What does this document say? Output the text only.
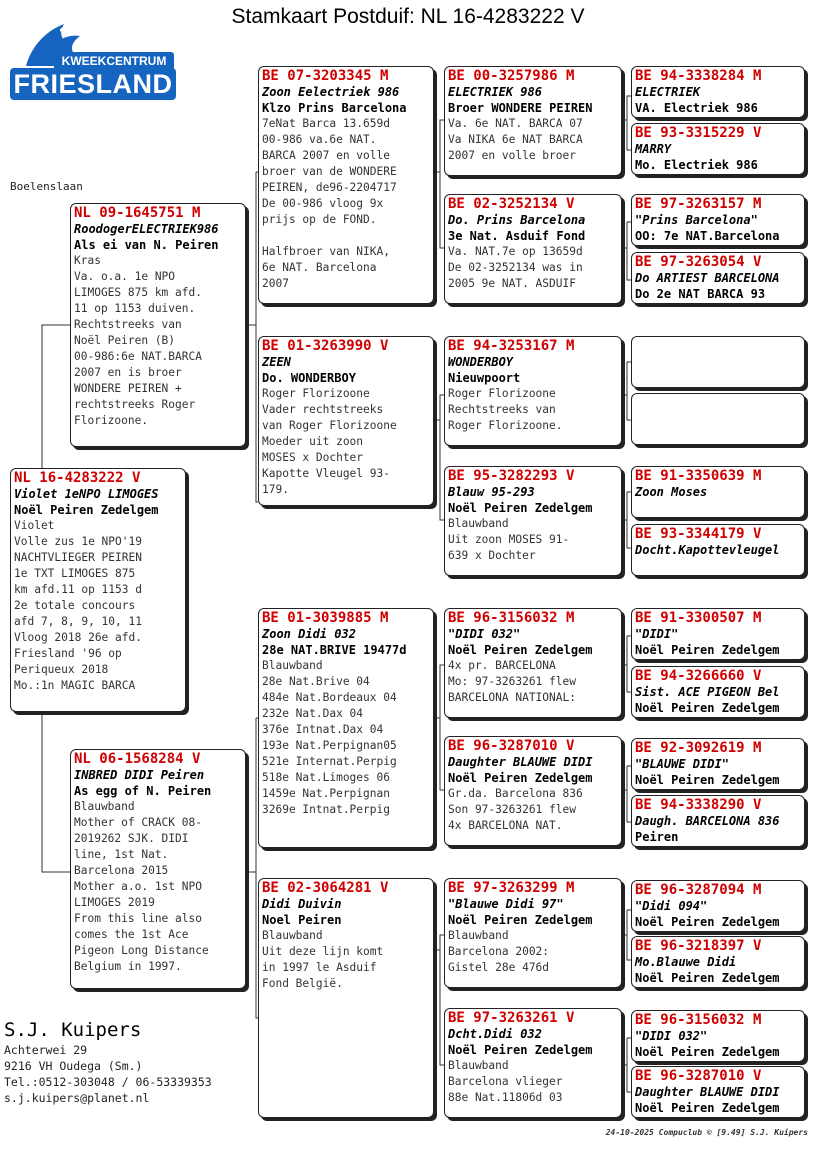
Stamkaart Postduif: NL 16-4283222 V
KWEEKCENTRUM
FRIESLAND
Boelenslaan
NL 16-4283222 V
Violet 1eNPO LIMOGES
Noël Peiren Zedelgem
Violet
Volle zus 1e NPO'19
NACHTVLIEGER PEIREN
1e TXT LIMOGES 875
km afd.11 op 1153 d
2e totale concours
afd 7, 8, 9, 10, 11
Vloog 2018 26e afd.
Friesland '96 op
Periqueux 2018
Mo.:1n MAGIC BARCA
NL 09-1645751 M
RoodogerELECTRIEK986
Als ei van N. Peiren
Kras
Va. o.a. 1e NPO
LIMOGES 875 km afd.
11 op 1153 duiven.
Rechtstreeks van
Noël Peiren (B)
00-986:6e NAT.BARCA
2007 en is broer
WONDERE PEIREN +
rechtstreeks Roger
Florizoone.
NL 06-1568284 V
INBRED DIDI Peiren
As egg of N. Peiren
Blauwband
Mother of CRACK 08-
2019262 SJK. DIDI
line, 1st Nat.
Barcelona 2015
Mother a.o. 1st NPO
LIMOGES 2019
From this line also
comes the 1st Ace
Pigeon Long Distance
Belgium in 1997.
BE 07-3203345 M
Zoon Eelectriek 986
Klzo Prins Barcelona
7eNat Barca 13.659d
00-986 va.6e NAT.
BARCA 2007 en volle
broer van de WONDERE
PEIREN, de96-2204717
De 00-986 vloog 9x
prijs op de FOND.

Halfbroer van NIKA,
6e NAT. Barcelona
2007
BE 01-3263990 V
ZEEN
Do. WONDERBOY
Roger Florizoone
Vader rechtstreeks
van Roger Florizoone
Moeder uit zoon
MOSES x Dochter
Kapotte Vleugel 93-
179.
BE 01-3039885 M
Zoon Didi 032
28e NAT.BRIVE 19477d
Blauwband
28e Nat.Brive 04
484e Nat.Bordeaux 04
232e Nat.Dax 04
376e Intnat.Dax 04
193e Nat.Perpignan05
521e Internat.Perpig
518e Nat.Limoges 06
1459e Nat.Perpignan
3269e Intnat.Perpig
BE 02-3064281 V
Didi Duivin
Noel Peiren
Blauwband
Uit deze lijn komt
in 1997 le Asduif
Fond België.
BE 00-3257986 M
ELECTRIEK 986
Broer WONDERE PEIREN
Va. 6e NAT. BARCA 07
Va NIKA 6e NAT BARCA
2007 en volle broer
BE 02-3252134 V
Do. Prins Barcelona
3e Nat. Asduif Fond
Va. NAT.7e op 13659d
De 02-3252134 was in
2005 9e NAT. ASDUIF
BE 94-3253167 M
WONDERBOY
Nieuwpoort
Roger Florizoone
Rechtstreeks van
Roger Florizoone.
BE 95-3282293 V
Blauw 95-293
Noël Peiren Zedelgem
Blauwband
Uit zoon MOSES 91-
639 x Dochter
BE 96-3156032 M
"DIDI 032"
Noël Peiren Zedelgem
4x pr. BARCELONA
Mo: 97-3263261 flew
BARCELONA NATIONAL:
BE 96-3287010 V
Daughter BLAUWE DIDI
Noël Peiren Zedelgem
Gr.da. Barcelona 836
Son 97-3263261 flew
4x BARCELONA NAT.
BE 97-3263299 M
"Blauwe Didi 97"
Noël Peiren Zedelgem
Blauwband
Barcelona 2002:
Gistel 28e 476d
BE 97-3263261 V
Dcht.Didi 032
Noël Peiren Zedelgem
Blauwband
Barcelona vlieger
88e Nat.11806d 03
BE 94-3338284 M
ELECTRIEK
VA. Electriek 986
BE 93-3315229 V
MARRY
Mo. Electriek 986
BE 97-3263157 M
"Prins Barcelona"
OO: 7e NAT.Barcelona
BE 97-3263054 V
Do ARTIEST BARCELONA
Do 2e NAT BARCA 93
BE 91-3350639 M
Zoon Moses
BE 93-3344179 V
Docht.Kapottevleugel
BE 91-3300507 M
"DIDI"
Noël Peiren Zedelgem
BE 94-3266660 V
Sist. ACE PIGEON Bel
Noël Peiren Zedelgem
BE 92-3092619 M
"BLAUWE DIDI"
Noël Peiren Zedelgem
BE 94-3338290 V
Daugh. BARCELONA 836
Peiren
BE 96-3287094 M
"Didi 094"
Noël Peiren Zedelgem
BE 96-3218397 V
Mo.Blauwe Didi
Noël Peiren Zedelgem
BE 96-3156032 M
"DIDI 032"
Noël Peiren Zedelgem
BE 96-3287010 V
Daughter BLAUWE DIDI
Noël Peiren Zedelgem
S.J. Kuipers
Achterwei 29
9216 VH Oudega (Sm.)
Tel.:0512-303048 / 06-53339353
s.j.kuipers@planet.nl
24-10-2025 Compuclub © [9.49] S.J. Kuipers
